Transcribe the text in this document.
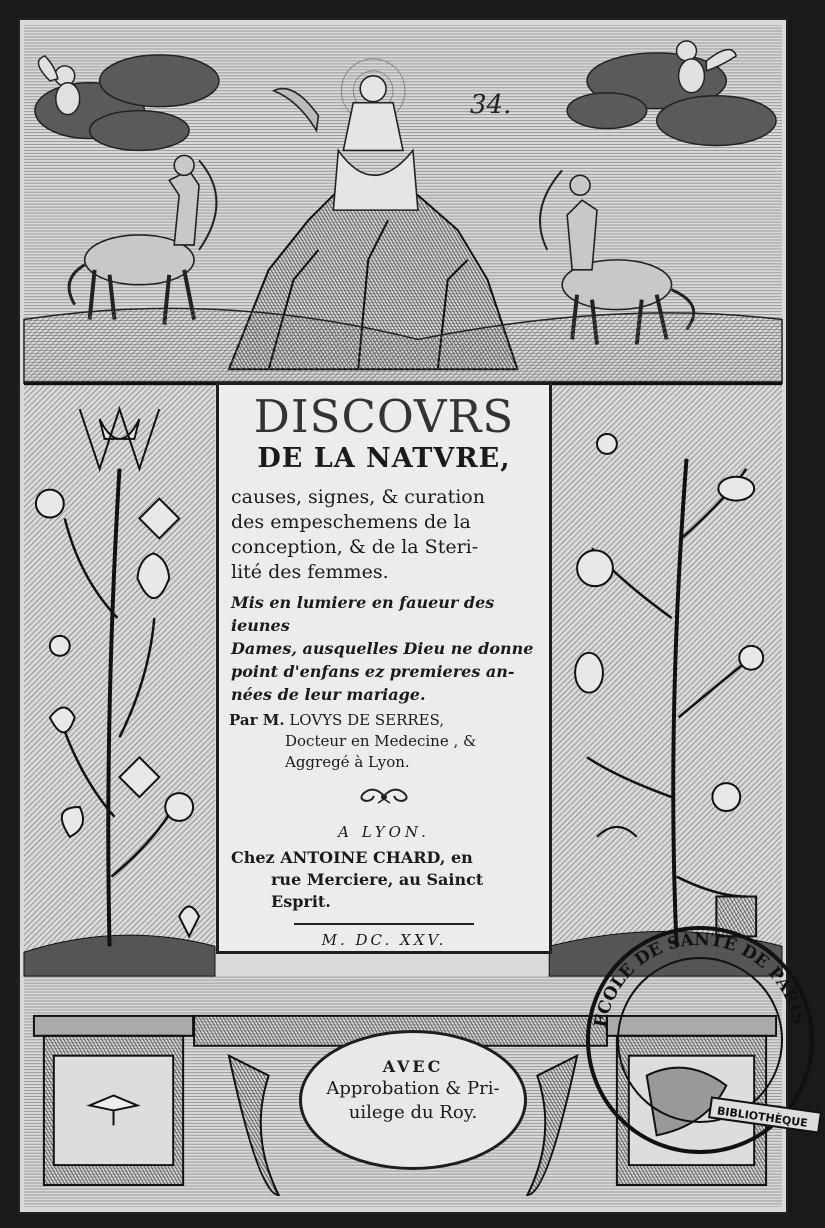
34.
DISCOVRS
DE LA NATVRE,
causes, signes, & curation
des empeschemens de la
conception, & de la Steri-
lité des femmes.
Mis en lumiere en faueur des ieunes
Dames, ausquelles Dieu ne donne
point d'enfans ez premieres an-
nées de leur mariage.
Par M. LOVYS DE SERRES,
Docteur en Medecine , &
Aggregé à Lyon.
A LYON.
Chez ANTOINE CHARD, en
rue Merciere, au Sainct Esprit.
M. DC. XXV.
AVEC
Approbation & Pri-
uilege du Roy.
ECOLE DE SANTÉ DE PARIS
BIBLIOTHÈQUE
